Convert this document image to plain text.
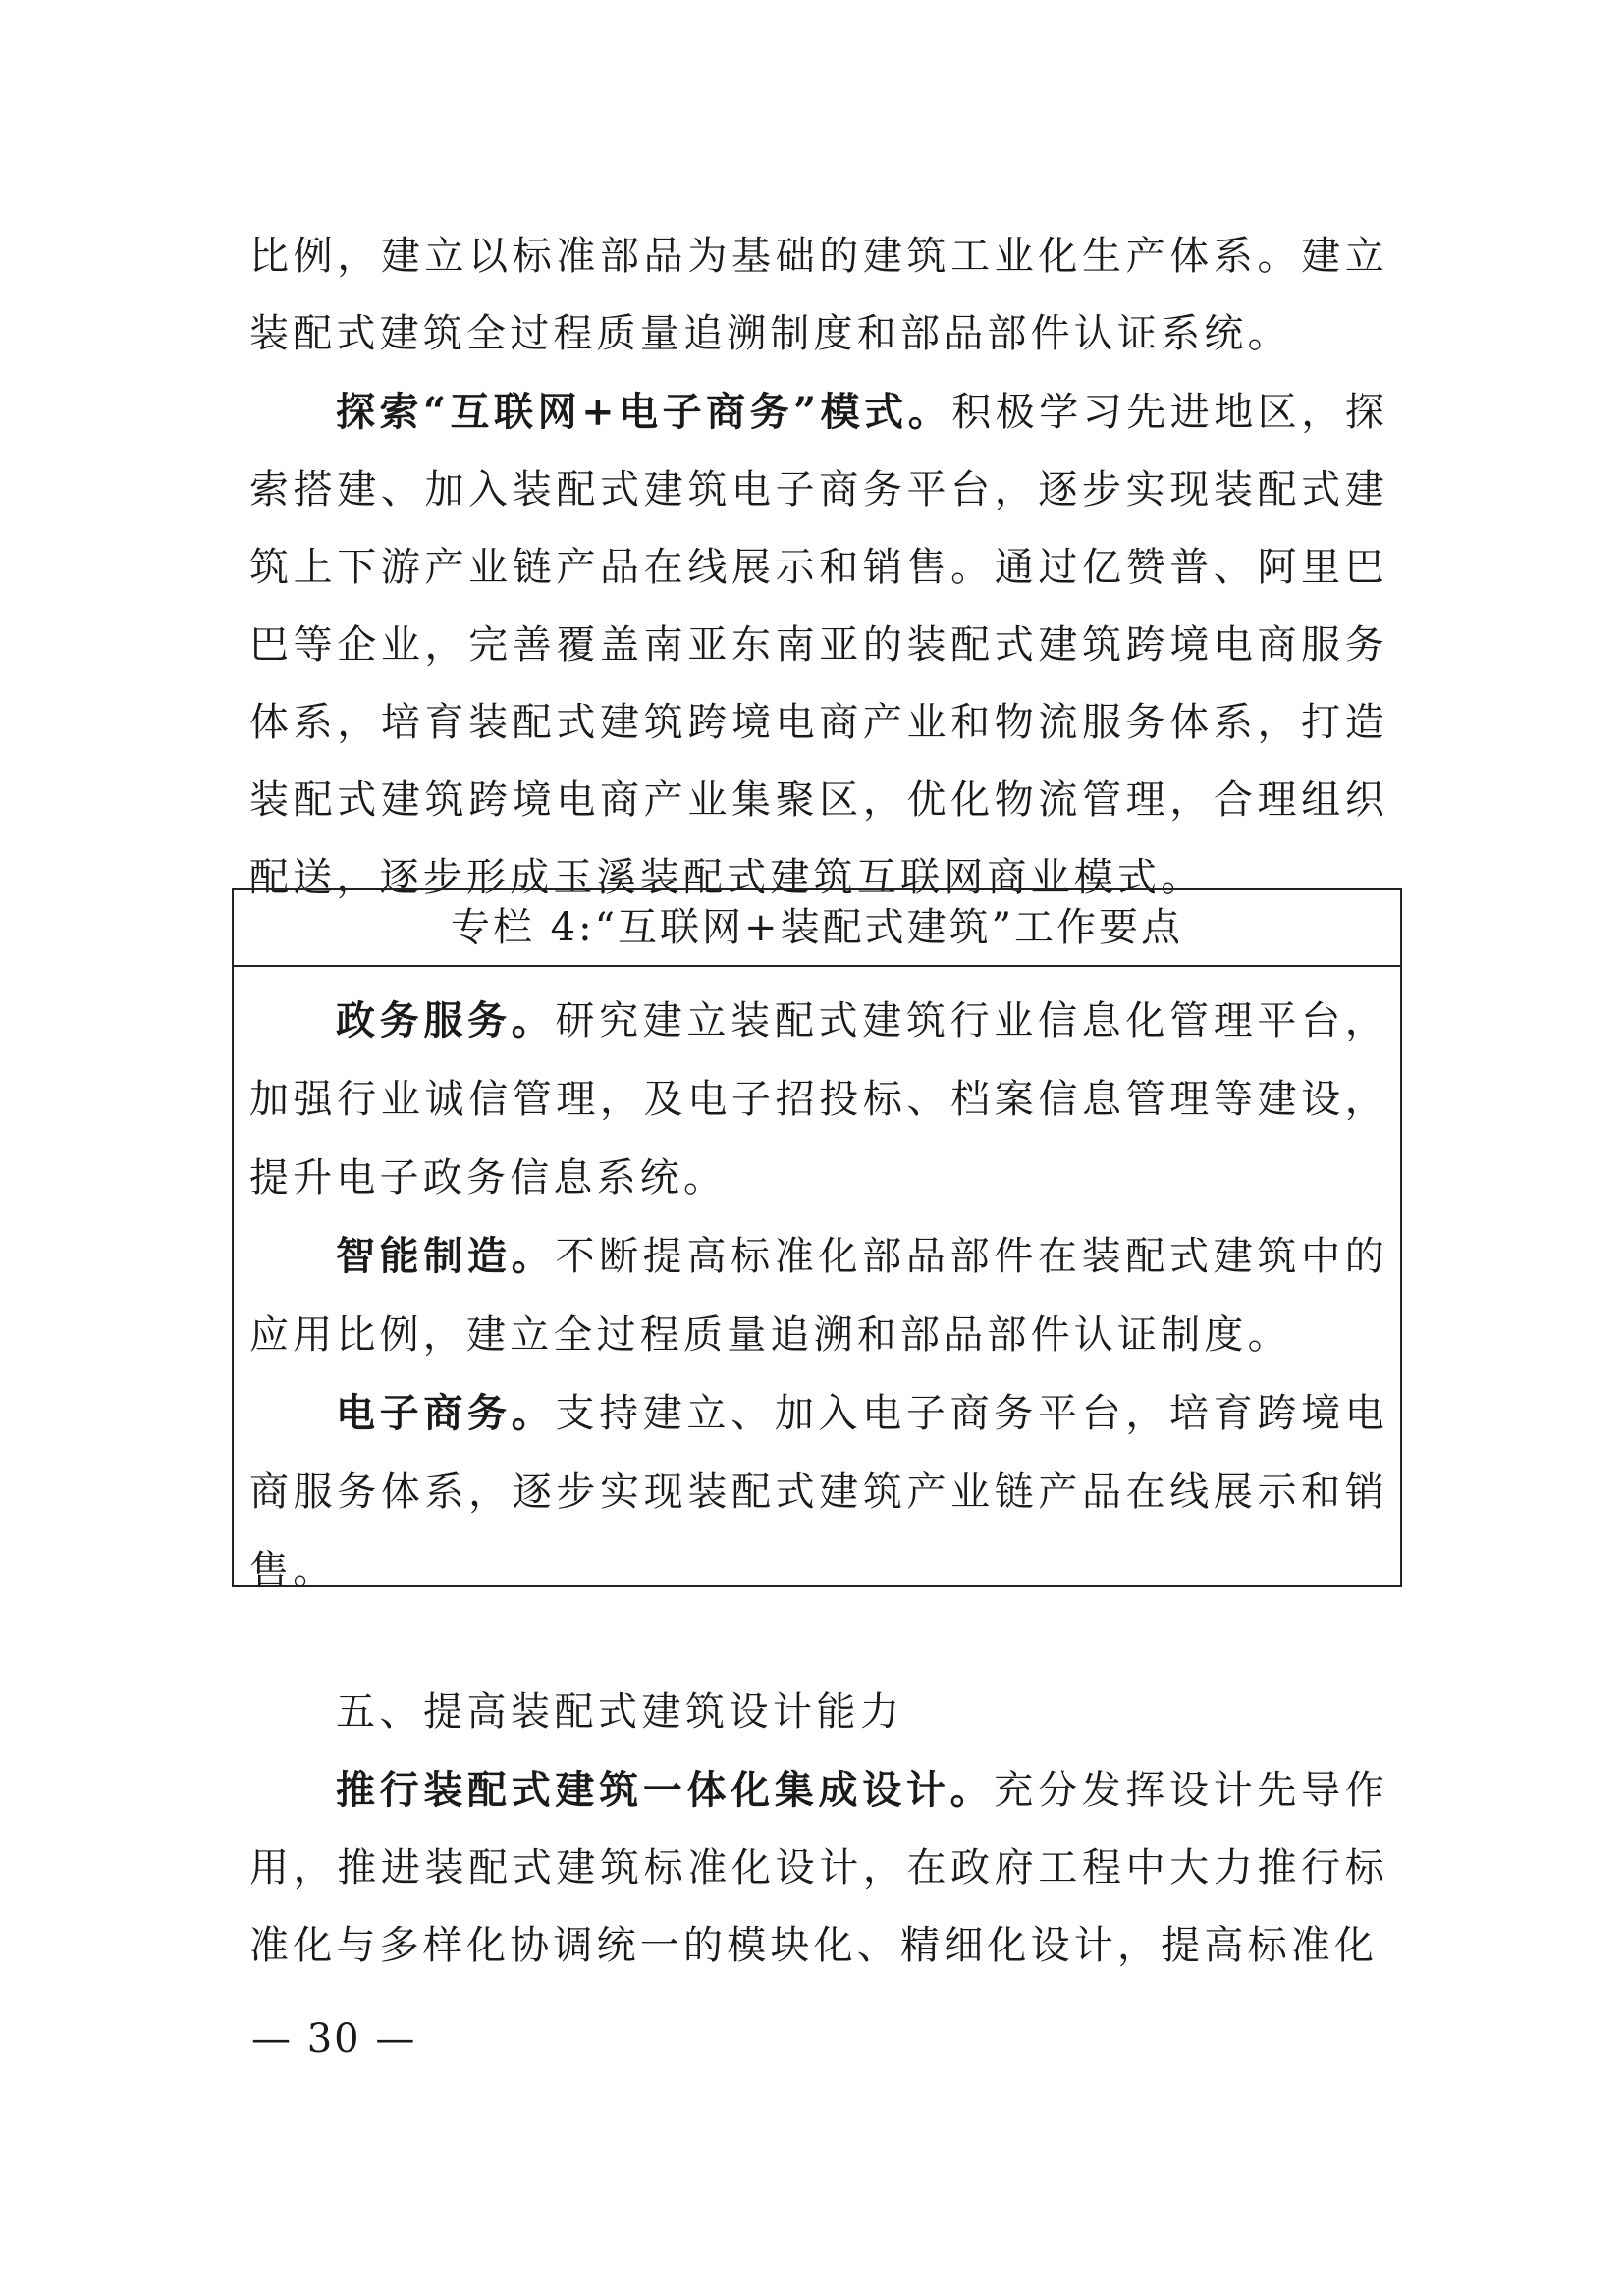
比例，建立以标准部品为基础的建筑工业化生产体系。建立装配式建筑全过程质量追溯制度和部品部件认证系统。

探索“互联网+电子商务”模式。积极学习先进地区，探索搭建、加入装配式建筑电子商务平台，逐步实现装配式建筑上下游产业链产品在线展示和销售。通过亿赞普、阿里巴巴等企业，完善覆盖南亚东南亚的装配式建筑跨境电商服务体系，培育装配式建筑跨境电商产业和物流服务体系，打造装配式建筑跨境电商产业集聚区，优化物流管理，合理组织配送，逐步形成玉溪装配式建筑互联网商业模式。

专栏 4:“互联网+装配式建筑”工作要点

政务服务。研究建立装配式建筑行业信息化管理平台，加强行业诚信管理，及电子招投标、档案信息管理等建设，提升电子政务信息系统。

智能制造。不断提高标准化部品部件在装配式建筑中的应用比例，建立全过程质量追溯和部品部件认证制度。

电子商务。支持建立、加入电子商务平台，培育跨境电商服务体系，逐步实现装配式建筑产业链产品在线展示和销售。

五、提高装配式建筑设计能力

推行装配式建筑一体化集成设计。充分发挥设计先导作用，推进装配式建筑标准化设计，在政府工程中大力推行标准化与多样化协调统一的模块化、精细化设计，提高标准化

— 30 —
